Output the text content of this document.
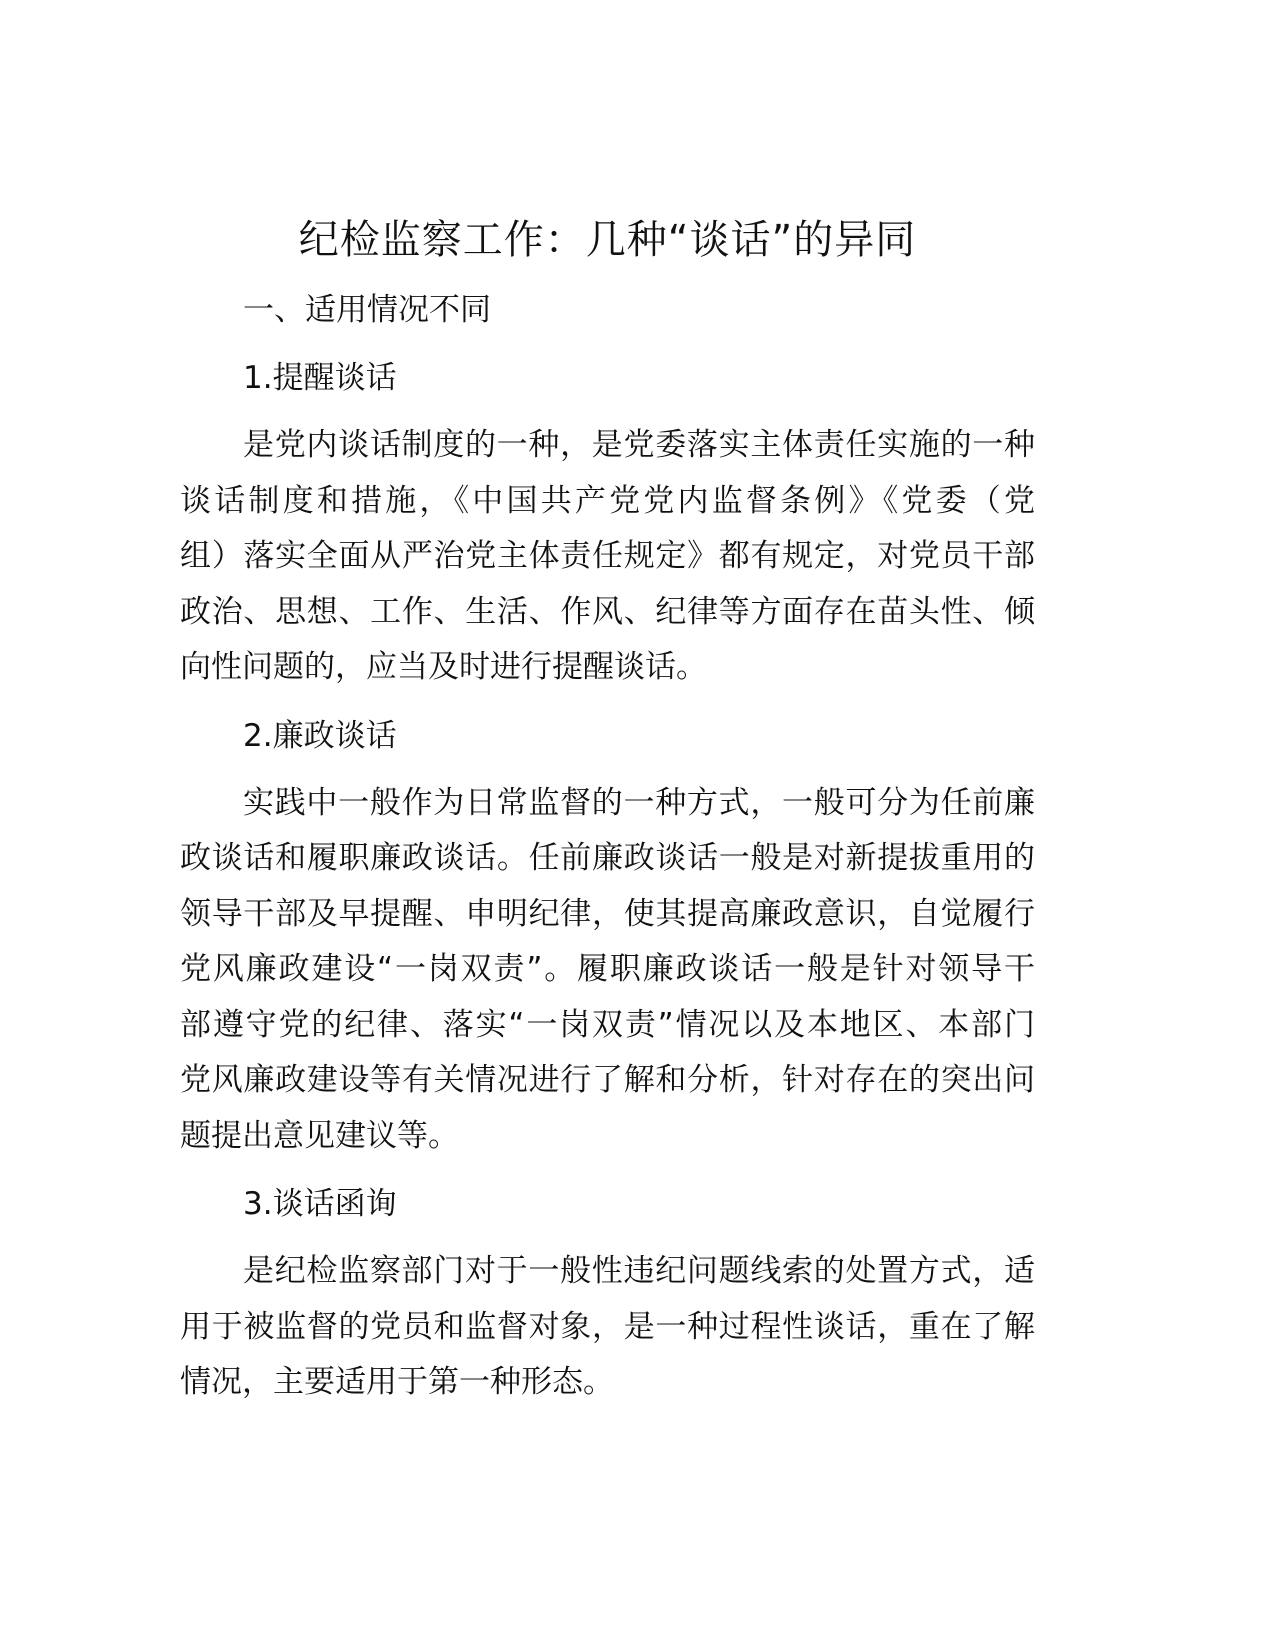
纪检监察工作：几种“谈话”的异同
一、适用情况不同
1.提醒谈话
是党内谈话制度的一种，是党委落实主体责任实施的一种
谈话制度和措施，《中国共产党党内监督条例》《党委（党
组）落实全面从严治党主体责任规定》都有规定，对党员干部
政治、思想、工作、生活、作风、纪律等方面存在苗头性、倾
向性问题的，应当及时进行提醒谈话。
2.廉政谈话
实践中一般作为日常监督的一种方式，一般可分为任前廉
政谈话和履职廉政谈话。任前廉政谈话一般是对新提拔重用的
领导干部及早提醒、申明纪律，使其提高廉政意识，自觉履行
党风廉政建设“一岗双责”。履职廉政谈话一般是针对领导干
部遵守党的纪律、落实“一岗双责”情况以及本地区、本部门
党风廉政建设等有关情况进行了解和分析，针对存在的突出问
题提出意见建议等。
3.谈话函询
是纪检监察部门对于一般性违纪问题线索的处置方式，适
用于被监督的党员和监督对象，是一种过程性谈话，重在了解
情况，主要适用于第一种形态。
